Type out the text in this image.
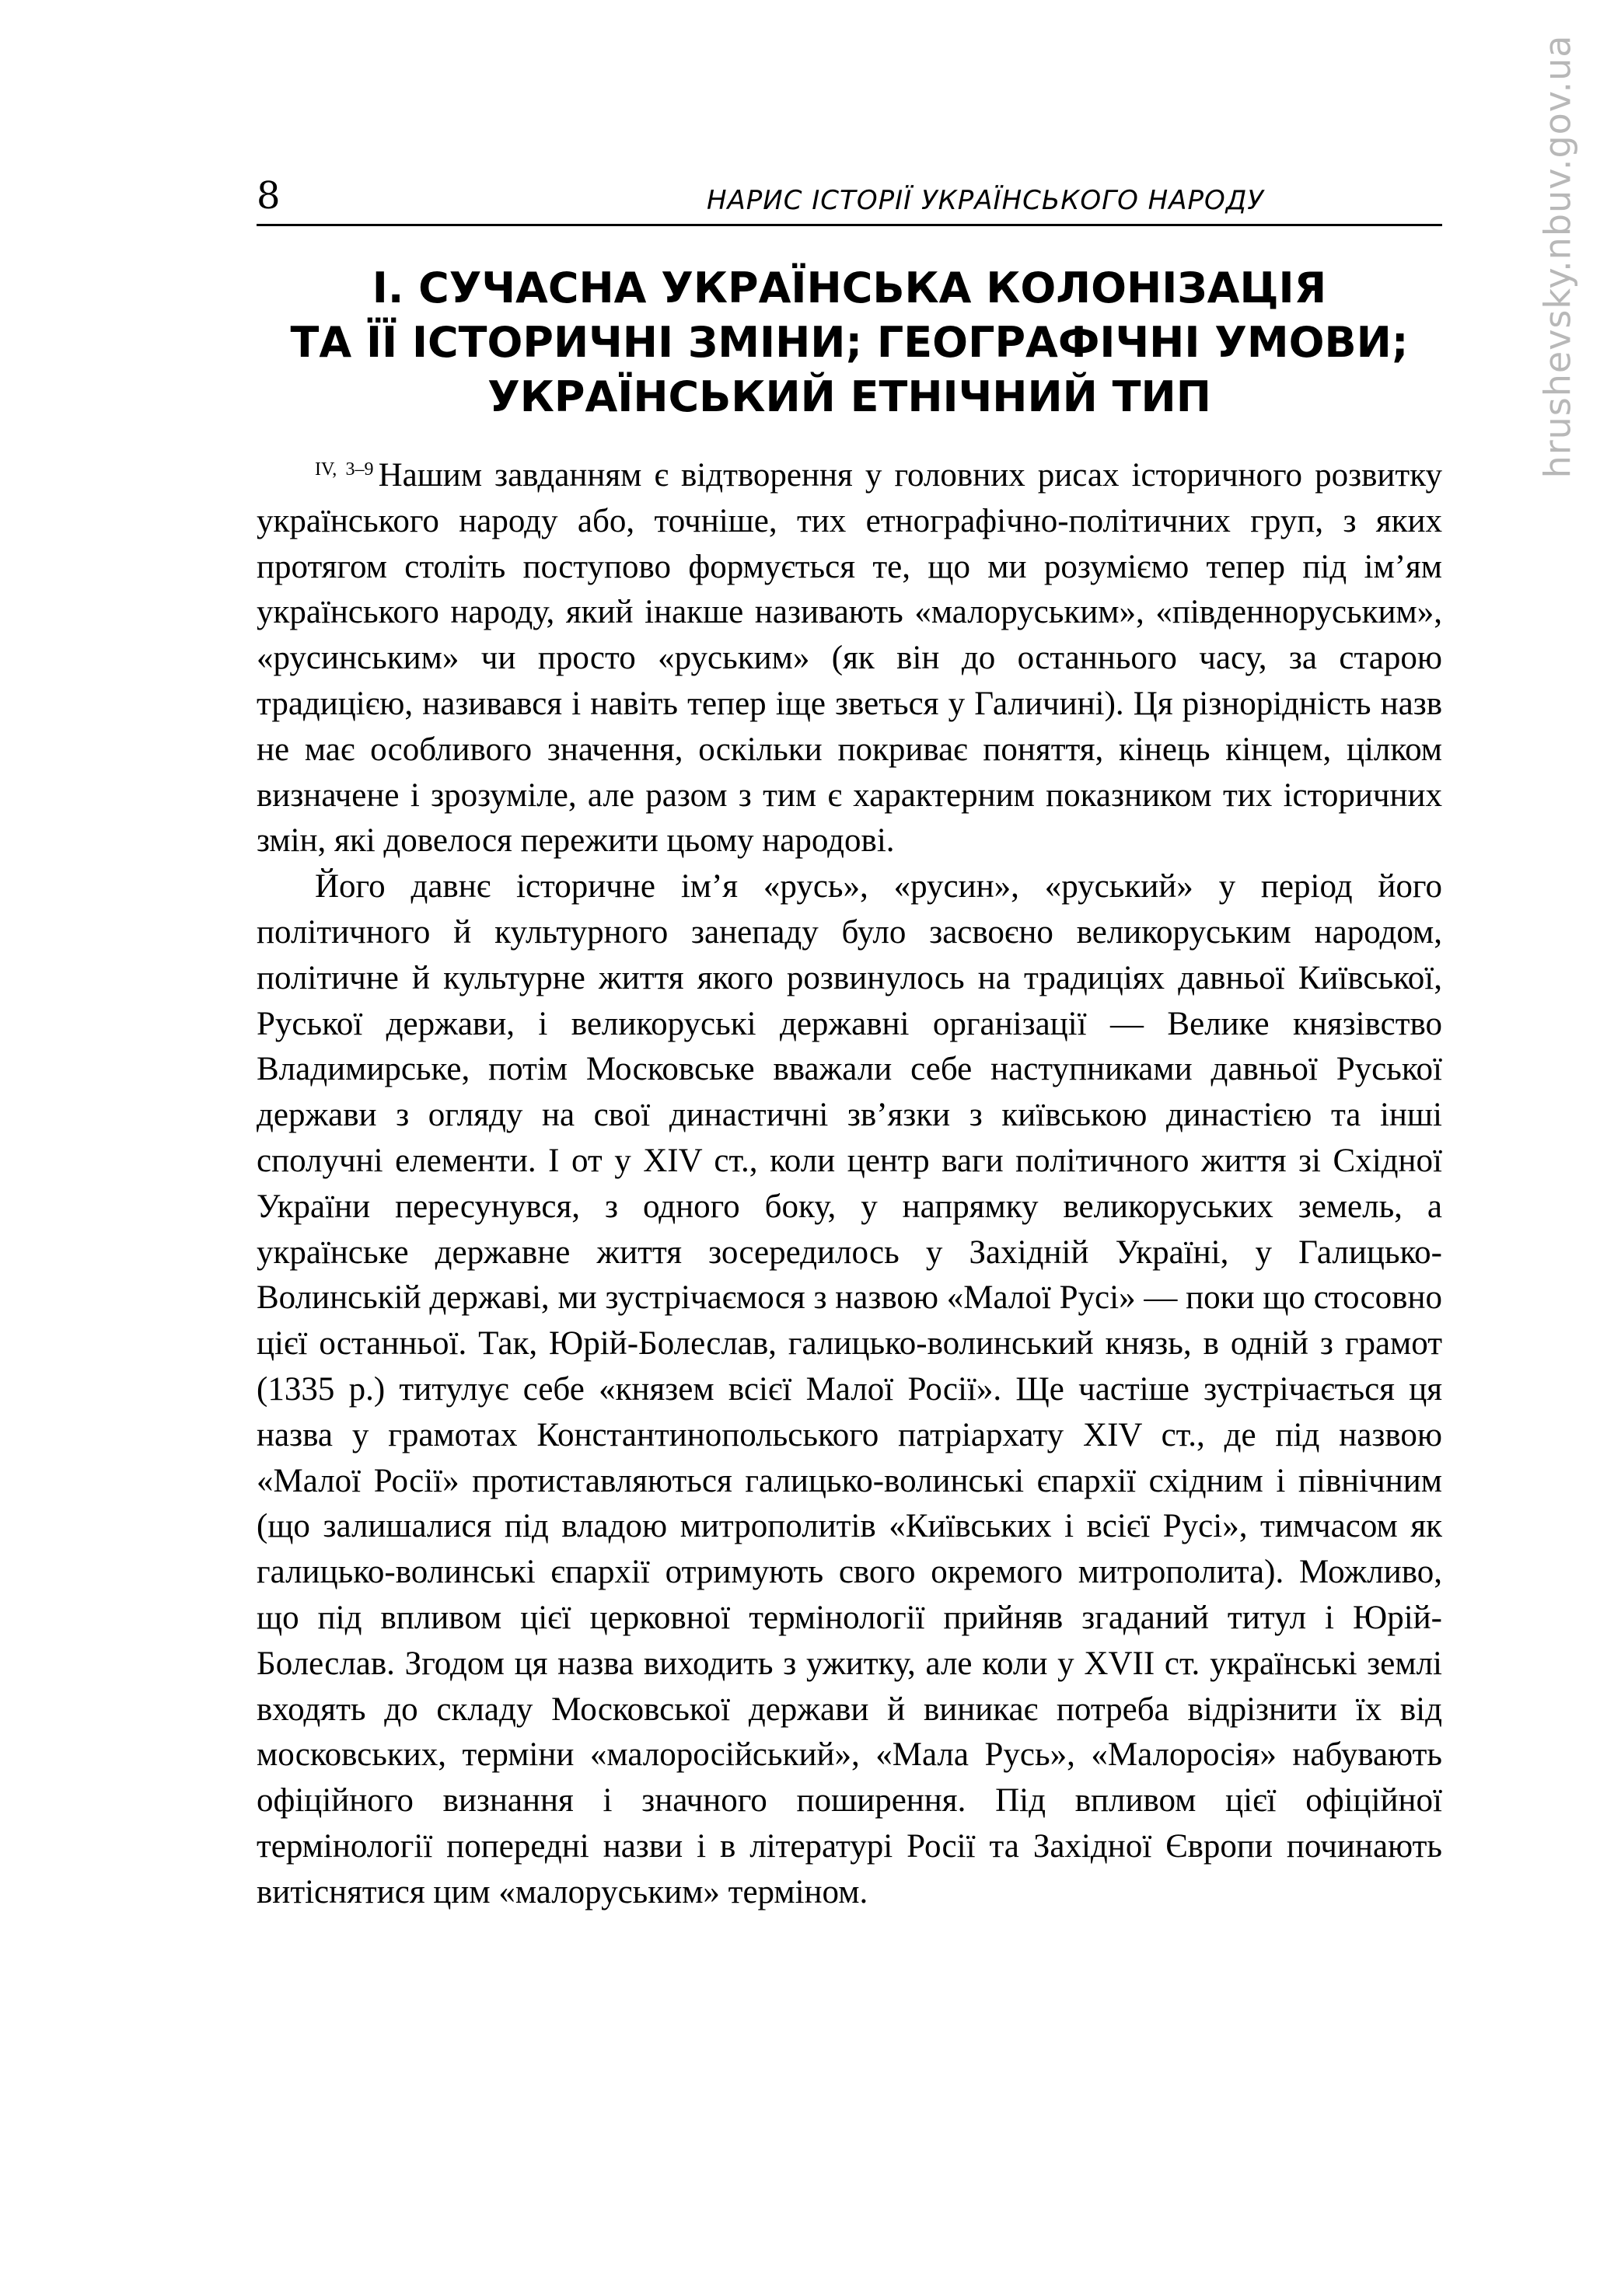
hrushevsky.nbuv.gov.ua
8	НАРИС ІСТОРІЇ УКРАЇНСЬКОГО НАРОДУ
І. СУЧАСНА УКРАЇНСЬКА КОЛОНІЗАЦІЯ
ТА ЇЇ ІСТОРИЧНІ ЗМІНИ; ГЕОГРАФІЧНІ УМОВИ;
УКРАЇНСЬКИЙ ЕТНІЧНИЙ ТИП

$^{IV, 3-9}$ Нашим завданням є відтворення у головних рисах історичного розвитку українського народу або, точніше, тих етнографічно-політичних груп, з яких протягом століть поступово формується те, що ми розуміємо тепер під ім’ям українського народу, який інакше називають «малоруським», «південноруським», «русинським» чи просто «руським» (як він до останнього часу, за старою традицією, називався і навіть тепер іще зветься у Галичині). Ця різнорідність назв не має особливого значення, оскільки покриває поняття, кінець кінцем, цілком визначене і зрозуміле, але разом з тим є характерним показником тих історичних змін, які довелося пережити цьому народові.

Його давнє історичне ім’я «русь», «русин», «руський» у період його політичного й культурного занепаду було засвоєно великоруським народом, політичне й культурне життя якого розвинулось на традиціях давньої Київської, Руської держави, і великоруські державні організації — Велике князівство Владимирське, потім Московське вважали себе наступниками давньої Руської держави з огляду на свої династичні зв’язки з київською династією та інші сполучні елементи. І от у XIV ст., коли центр ваги політичного життя зі Східної України пересунувся, з одного боку, у напрямку великоруських земель, а українське державне життя зосередилось у Західній Україні, у Галицько-Волинській державі, ми зустрічаємося з назвою «Малої Русі» — поки що стосовно цієї останньої. Так, Юрій-Болеслав, галицько-волинський князь, в одній з грамот (1335 р.) титулує себе «князем всієї Малої Росії». Ще частіше зустрічається ця назва у грамотах Константинопольського патріархату XIV ст., де під назвою «Малої Росії» протиставляються галицько-волинські єпархії східним і північним (що залишалися під владою митрополитів «Київських і всієї Русі», тимчасом як галицько-волинські єпархії отримують свого окремого митрополита). Можливо, що під впливом цієї церковної термінології прийняв згаданий титул і Юрій-Болеслав. Згодом ця назва виходить з ужитку, але коли у XVII ст. українські землі входять до складу Московської держави й виникає потреба відрізнити їх від московських, терміни «малоросійський», «Мала Русь», «Малоросія» набувають офіційного визнання і значного поширення. Під впливом цієї офіційної термінології попередні назви і в літературі Росії та Західної Європи починають витіснятися цим «малоруським» терміном.
